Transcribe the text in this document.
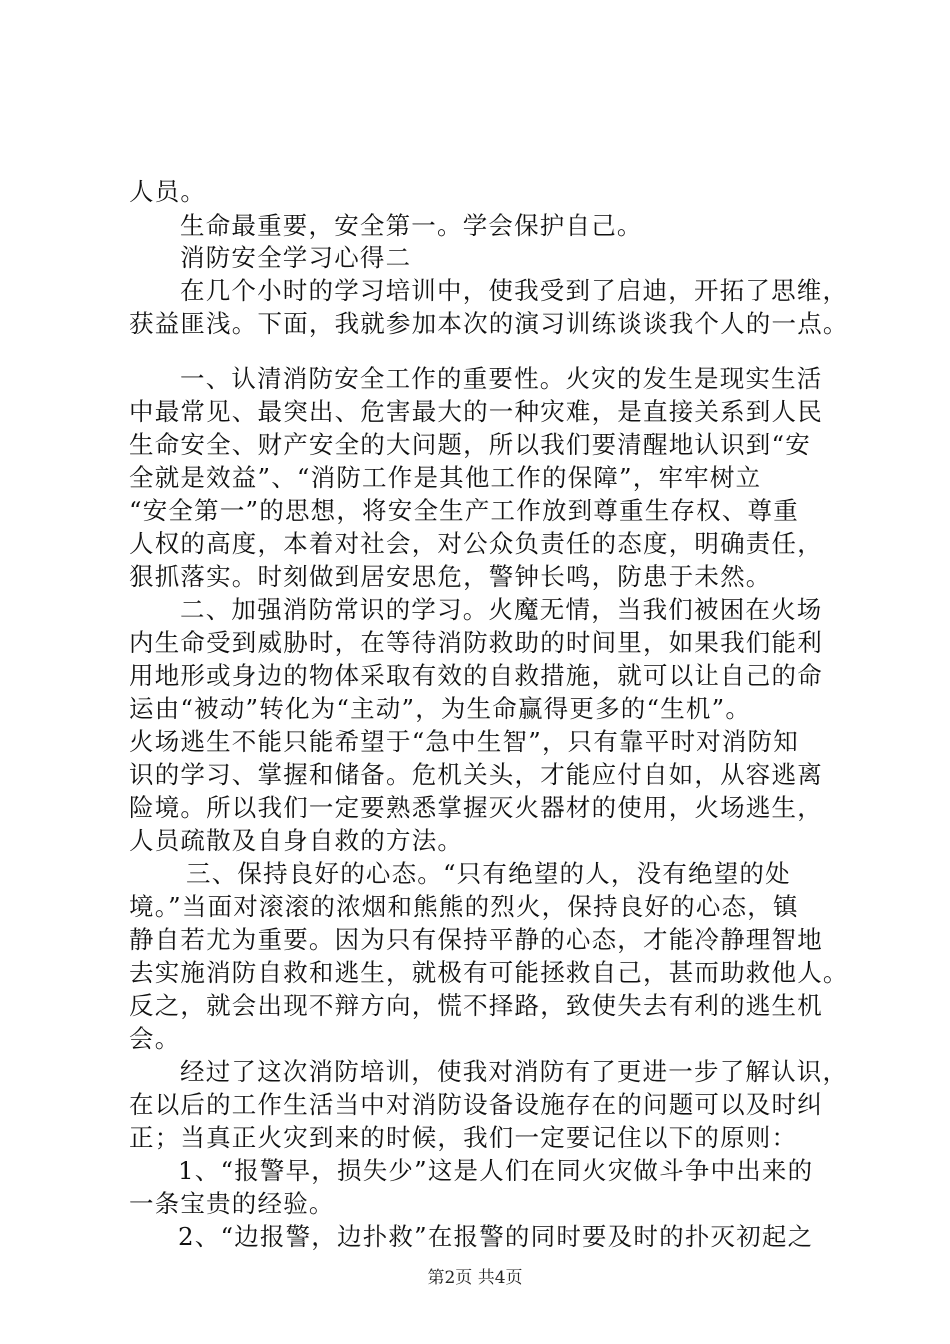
人员。
生命最重要，安全第一。学会保护自己。
消防安全学习心得二
在几个小时的学习培训中，使我受到了启迪，开拓了思维，
获益匪浅。下面，我就参加本次的演习训练谈谈我个人的一点。
一、认清消防安全工作的重要性。火灾的发生是现实生活
中最常见、最突出、危害最大的一种灾难，是直接关系到人民
生命安全、财产安全的大问题，所以我们要清醒地认识到“安
全就是效益”、“消防工作是其他工作的保障”，牢牢树立
“安全第一”的思想，将安全生产工作放到尊重生存权、尊重
人权的高度，本着对社会，对公众负责任的态度，明确责任，
狠抓落实。时刻做到居安思危，警钟长鸣，防患于未然。
二、加强消防常识的学习。火魔无情，当我们被困在火场
内生命受到威胁时，在等待消防救助的时间里，如果我们能利
用地形或身边的物体采取有效的自救措施，就可以让自己的命
运由“被动”转化为“主动”，为生命赢得更多的“生机”。
火场逃生不能只能希望于“急中生智”，只有靠平时对消防知
识的学习、掌握和储备。危机关头，才能应付自如，从容逃离
险境。所以我们一定要熟悉掌握灭火器材的使用，火场逃生，
人员疏散及自身自救的方法。
三、保持良好的心态。“只有绝望的人，没有绝望的处
境。”当面对滚滚的浓烟和熊熊的烈火，保持良好的心态，镇
静自若尤为重要。因为只有保持平静的心态，才能冷静理智地
去实施消防自救和逃生，就极有可能拯救自己，甚而助救他人。
反之，就会出现不辩方向，慌不择路，致使失去有利的逃生机
会。
经过了这次消防培训，使我对消防有了更进一步了解认识，
在以后的工作生活当中对消防设备设施存在的问题可以及时纠
正；当真正火灾到来的时候，我们一定要记住以下的原则：
1、“报警早，损失少”这是人们在同火灾做斗争中出来的
一条宝贵的经验。
2、“边报警，边扑救”在报警的同时要及时的扑灭初起之
第2页 共4页
